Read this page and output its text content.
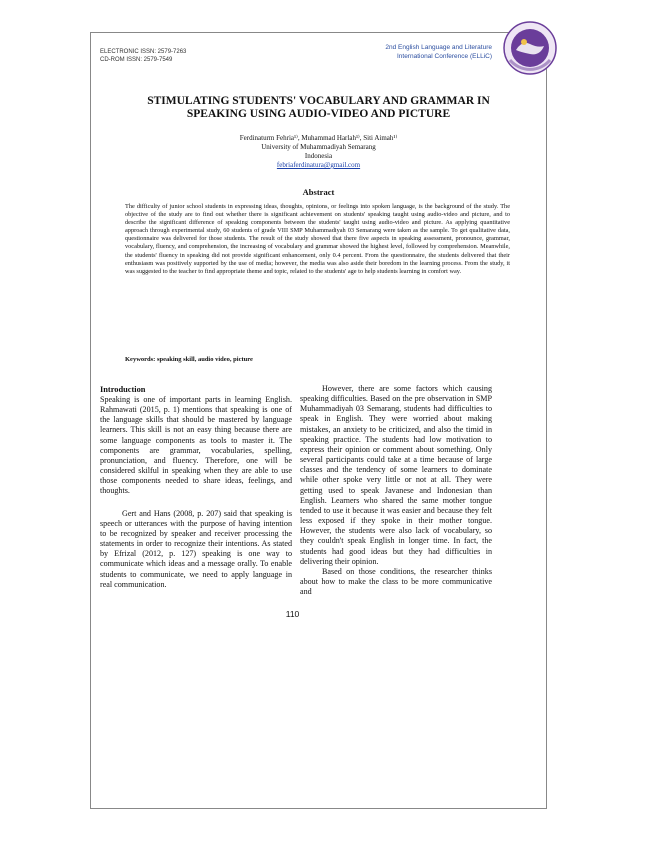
ELECTRONIC ISSN: 2579-7263
CD-ROM ISSN: 2579-7549
2nd English Language and Literature
International Conference (ELLiC)
STIMULATING STUDENTS' VOCABULARY AND GRAMMAR IN
SPEAKING USING AUDIO-VIDEO AND PICTURE
Ferdinaturm Fehria¹⁾, Muhammad Harlah¹⁾, Siti Aimah¹⁾
University of Muhammadiyah Semarang
Indonesia
febriaferdinatura@gmail.com
Abstract
The difficulty of junior school students in expressing ideas, thoughts, opinions, or feelings into spoken language, is the background of the study. The objective of the study are to find out whether there is significant achievement on students' speaking taught using audio-video and picture, and to describe the significant difference of speaking components between the students' taught using audio-video and picture. As applying quantitative approach through experimental study, 60 students of grade VIII SMP Muhammadiyah 03 Semarang were taken as the sample. To get qualitative data, questionnaire was delivered for those students. The result of the study showed that there five aspects in speaking assessment, pronounce, grammar, vocabulary, fluency, and comprehension, the increasing of vocabulary and grammar showed the highest level, followed by comprehension. Meanwhile, the students' fluency in speaking did not provide significant enhancement, only 0.4 percent. From the questionnaire, the students delivered that their enthusiasm was positively supported by the use of media; however, the media was also aside their boredom in the learning process. From the study, it was suggested to the teacher to find appropriate theme and topic, related to the students' age to help students learning in comfort way.
Keywords: speaking skill, audio video, picture
Introduction

Speaking is one of important parts in learning English. Rahmawati (2015, p. 1) mentions that speaking is one of the language skills that should be mastered by language learners. This skill is not an easy thing because there are some language components as tools to master it. The components are grammar, vocabularies, spelling, pronunciation, and fluency. Therefore, one will be considered skilful in speaking when they are able to use those components needed to share ideas, feelings, and thoughts.

Gert and Hans (2008, p. 207) said that speaking is speech or utterances with the purpose of having intention to be recognized by speaker and receiver processing the statements in order to recognize their intentions. As stated by Efrizal (2012, p. 127) speaking is one way to communicate which ideas and a message orally. To enable students to communicate, we need to apply language in real communication.

However, there are some factors which causing speaking difficulties. Based on the pre observation in SMP Muhammadiyah 03 Semarang, students had difficulties to speak in English. They were worried about making mistakes, an anxiety to be criticized, and also the timid in speaking practice. The students had low motivation to express their opinion or comment about something. Only several participants could take at a time because of large classes and the tendency of some learners to dominate while other spoke very little or not at all. They were getting used to speak Javanese and Indonesian than English. Learners who shared the same mother tongue tended to use it because it was easier and because they felt less exposed if they spoke in their mother tongue. However, the students were also lack of vocabulary, so they couldn't speak English in longer time. In fact, the students had good ideas but they had difficulties in delivering their opinion.

Based on those conditions, the researcher thinks about how to make the class to be more communicative and

110
